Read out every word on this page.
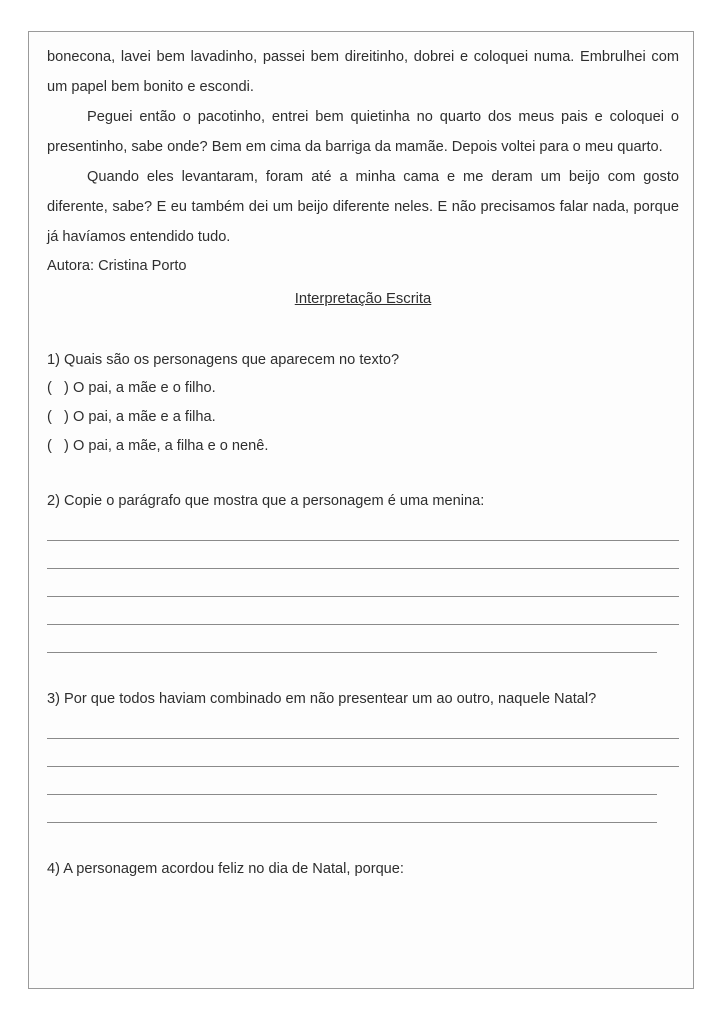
bonecona, lavei bem lavadinho, passei bem direitinho, dobrei e coloquei numa. Embrulhei com um papel bem bonito e escondi.

Peguei então o pacotinho, entrei bem quietinha no quarto dos meus pais e coloquei o presentinho, sabe onde? Bem em cima da barriga da mamãe. Depois voltei para o meu quarto.

Quando eles levantaram, foram até a minha cama e me deram um beijo com gosto diferente, sabe? E eu também dei um beijo diferente neles. E não precisamos falar nada, porque já havíamos entendido tudo.

Autora: Cristina Porto

Interpretação Escrita

1) Quais são os personagens que aparecem no texto?

(   ) O pai, a mãe e o filho.
(   ) O pai, a mãe e a filha.
(   ) O pai, a mãe, a filha e o nenê.

2) Copie o parágrafo que mostra que a personagem é uma menina:

3) Por que todos haviam combinado em não presentear um ao outro, naquele Natal?

4) A personagem acordou feliz no dia de Natal, porque:
